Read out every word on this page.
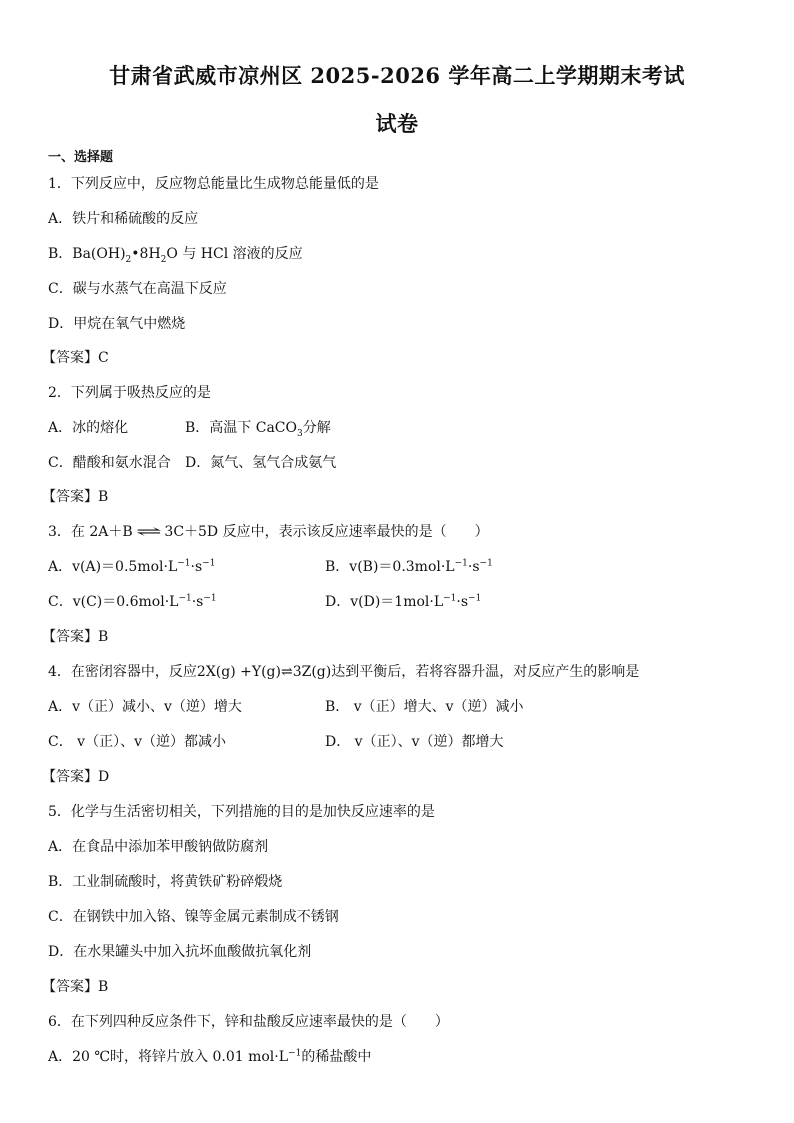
甘肃省武威市凉州区 2025-2026 学年高二上学期期末考试
试卷
一、选择题
1．下列反应中，反应物总能量比生成物总能量低的是
A．铁片和稀硫酸的反应
B．$Ba(OH)_2•8H_2O$ 与 HCl 溶液的反应
C．碳与水蒸气在高温下反应
D．甲烷在氧气中燃烧
【答案】C
2．下列属于吸热反应的是
A．冰的熔化	B．高温下 CaCO$_3$分解
C．醋酸和氨水混合 D．氮气、氢气合成氨气
【答案】B
3．在 2A＋B ⇌ 3C＋5D 反应中，表示该反应速率最快的是（　　）
A．$v(A)=0.5mol\cdot L^{-1}\cdot s^{-1}$	B．$v(B)=0.3mol\cdot L^{-1}\cdot s^{-1}$
C．$v(C)=0.6mol\cdot L^{-1}\cdot s^{-1}$	D．$v(D)=1mol\cdot L^{-1}\cdot s^{-1}$
【答案】B
4．在密闭容器中，反应2X(g) +Y(g)⇌3Z(g)达到平衡后，若将容器升温，对反应产生的影响是
A．v（正）减小、v（逆）增大	B． v（正）增大、v（逆）减小
C． v（正）、v（逆）都减小	D． v（正）、v（逆）都增大
【答案】D
5．化学与生活密切相关，下列措施的目的是加快反应速率的是
A．在食品中添加苯甲酸钠做防腐剂
B．工业制硫酸时，将黄铁矿粉碎煅烧
C．在钢铁中加入铬、镍等金属元素制成不锈钢
D．在水果罐头中加入抗坏血酸做抗氧化剂
【答案】B
6．在下列四种反应条件下，锌和盐酸反应速率最快的是（　　）
A．20 ℃时，将锌片放入 0.01 $mol\cdot L^{-1}$的稀盐酸中
